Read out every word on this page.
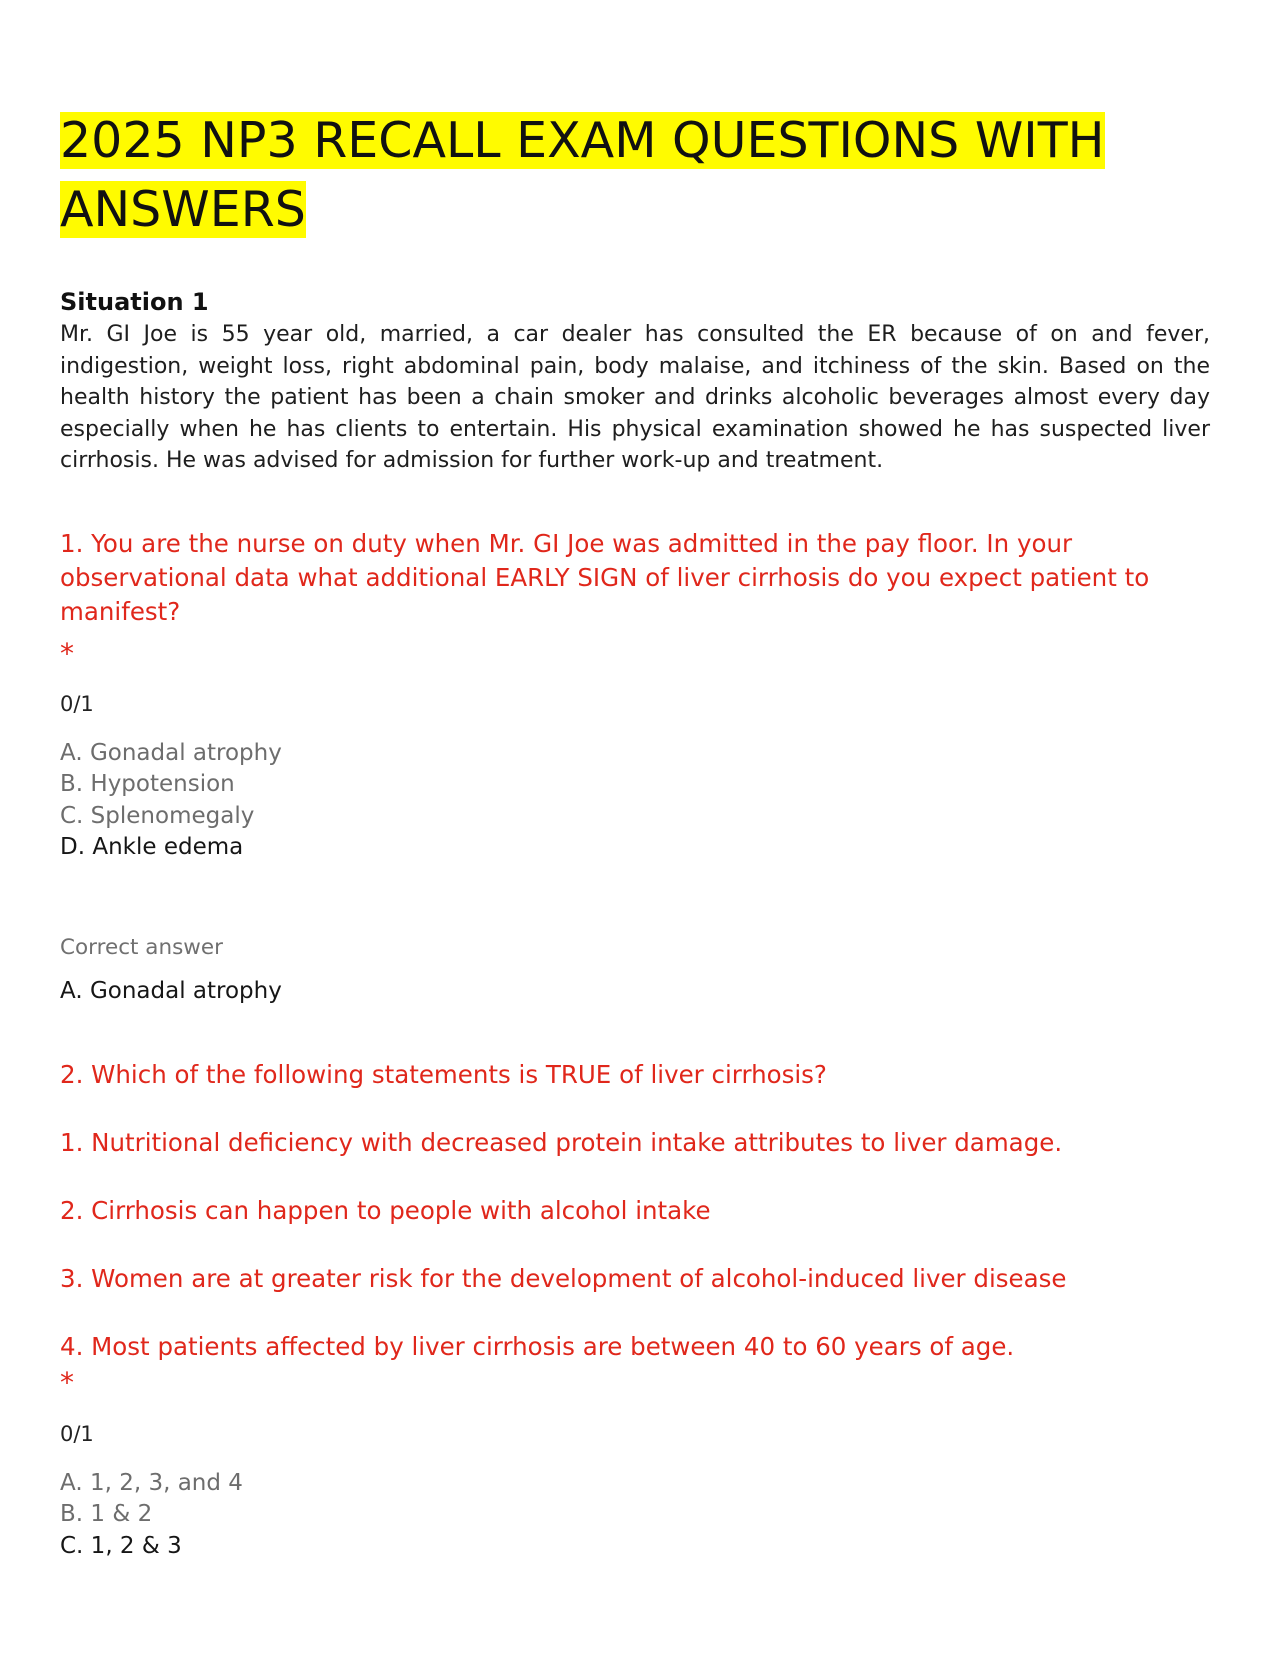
2025 NP3 RECALL EXAM QUESTIONS WITH ANSWERS
Situation 1

Mr. GI Joe is 55 year old, married, a car dealer has consulted the ER because of on and fever, indigestion, weight loss, right abdominal pain, body malaise, and itchiness of the skin. Based on the health history the patient has been a chain smoker and drinks alcoholic beverages almost every day especially when he has clients to entertain. His physical examination showed he has suspected liver cirrhosis. He was advised for admission for further work-up and treatment.

1. You are the nurse on duty when Mr. GI Joe was admitted in the pay floor. In your observational data what additional EARLY SIGN of liver cirrhosis do you expect patient to manifest?

*
0/1
A. Gonadal atrophy
B. Hypotension
C. Splenomegaly
D. Ankle edema
Correct answer
A. Gonadal atrophy

2. Which of the following statements is TRUE of liver cirrhosis?

1. Nutritional deficiency with decreased protein intake attributes to liver damage.

2. Cirrhosis can happen to people with alcohol intake

3. Women are at greater risk for the development of alcohol-induced liver disease

4. Most patients affected by liver cirrhosis are between 40 to 60 years of age.

*
0/1
A. 1, 2, 3, and 4
B. 1 & 2
C. 1, 2 & 3
